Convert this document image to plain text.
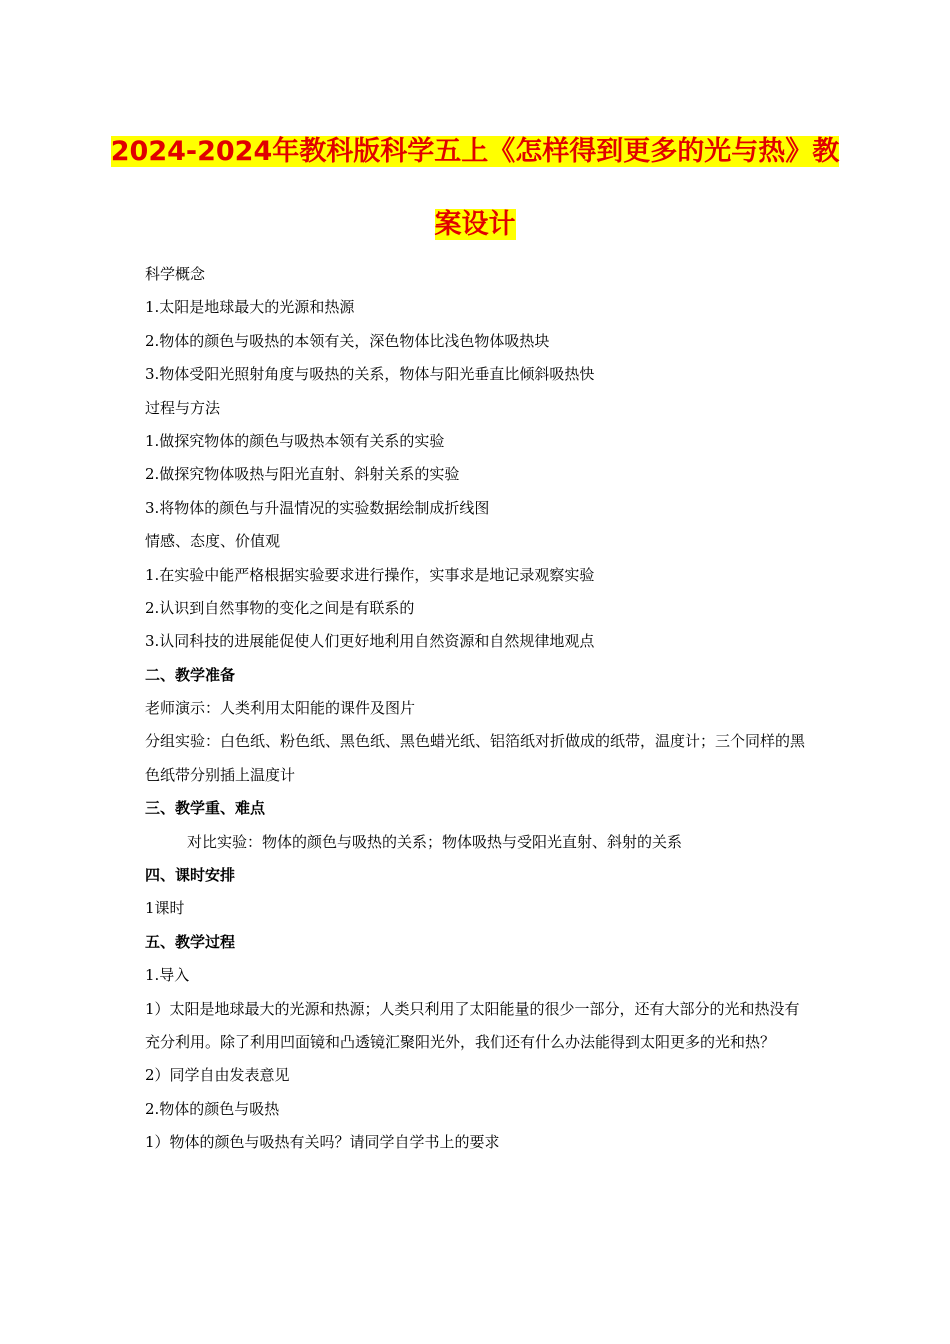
2024-2024年教科版科学五上《怎样得到更多的光与热》教
案设计
科学概念
1.太阳是地球最大的光源和热源
2.物体的颜色与吸热的本领有关，深色物体比浅色物体吸热块
3.物体受阳光照射角度与吸热的关系，物体与阳光垂直比倾斜吸热快
过程与方法
1.做探究物体的颜色与吸热本领有关系的实验
2.做探究物体吸热与阳光直射、斜射关系的实验
3.将物体的颜色与升温情况的实验数据绘制成折线图
情感、态度、价值观
1.在实验中能严格根据实验要求进行操作，实事求是地记录观察实验
2.认识到自然事物的变化之间是有联系的
3.认同科技的进展能促使人们更好地利用自然资源和自然规律地观点
二、教学准备
老师演示：人类利用太阳能的课件及图片
分组实验：白色纸、粉色纸、黑色纸、黑色蜡光纸、铝箔纸对折做成的纸带，温度计；三个同样的黑色纸带分别插上温度计
三、教学重、难点
对比实验：物体的颜色与吸热的关系；物体吸热与受阳光直射、斜射的关系
四、课时安排
1课时
五、教学过程
1.导入
1）太阳是地球最大的光源和热源；人类只利用了太阳能量的很少一部分，还有大部分的光和热没有充分利用。除了利用凹面镜和凸透镜汇聚阳光外，我们还有什么办法能得到太阳更多的光和热？
2）同学自由发表意见
2.物体的颜色与吸热
1）物体的颜色与吸热有关吗？请同学自学书上的要求
